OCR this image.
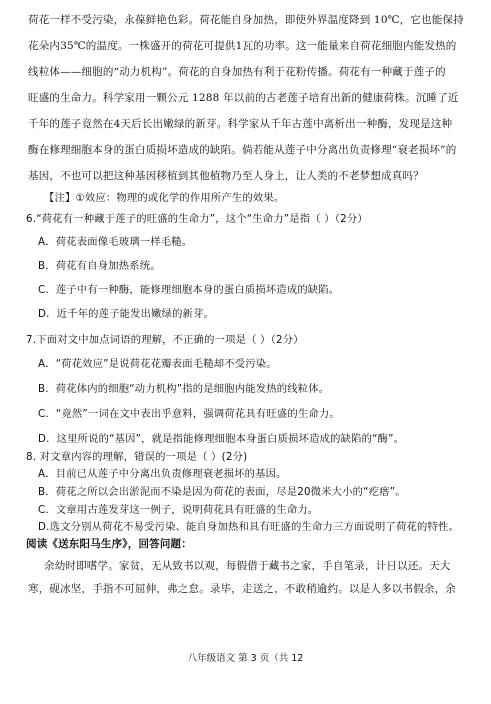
荷花一样不受污染，永葆鲜艳色彩。荷花能自身加热，即使外界温度降到 10℃，它也能保持
花朵内35℃的温度。一株盛开的荷花可提供1瓦的功率。这一能量来自荷花细胞内能发热的
线粒体——细胞的“动力机构”。荷花的自身加热有利于花粉传播。荷花有一种藏于莲子的
旺盛的生命力。科学家用一颗公元 1288 年以前的古老莲子培育出新的健康荷株。沉睡了近
千年的莲子竟然在4天后长出嫩绿的新芽。科学家从千年古莲中离析出一种酶，发现是这种
酶在修理细胞本身的蛋白质损坏造成的缺陷。倘若能从莲子中分离出负责修理“衰老损坏”的
基因，不也可以把这种基因移植到其他植物乃至人身上，让人类的不老梦想成真吗？
【注】①效应：物理的或化学的作用所产生的效果。
6.“荷花有一种藏于莲子的旺盛的生命力”，这个“生命力”是指（ ）（2分）
A．荷花表面像毛玻璃一样毛糙。
B．荷花有自身加热系统。
C．莲子中有一种酶，能修理细胞本身的蛋白质损坏造成的缺陷。
D．近千年的莲子能发出嫩绿的新芽。
7.下面对文中加点词语的理解，不正确的一项是（ ）（2分）
A．“荷花效应”是说荷花花瓣表面毛糙却不受污染。
B．荷花体内的细胞“动力机构”指的是细胞内能发热的线粒体。
C．“竟然”一词在文中表出乎意料，强调荷花具有旺盛的生命力。
D．这里所说的“基因”，就是指能修理细胞本身蛋白质损坏造成的缺陷的“酶”。
8. 对文章内容的理解，错误的一项是（ ）(2分)
A．目前已从莲子中分离出负责修理衰老损坏的基因。
B．荷花之所以会出淤泥而不染是因为荷花的表面，尽是20微米大小的“疙瘩”。
C．文章用古莲发芽这一例子，说明荷花具有旺盛的生命力。
D.选文分别从荷花不易受污染、能自身加热和具有旺盛的生命力三方面说明了荷花的特性。
阅读《送东阳马生序》，回答问题：
余幼时即嗜学。家贫，无从致书以观，每假借于藏书之家，手自笔录，计日以还。天大
寒，砚冰坚，手指不可屈伸，弗之怠。录毕，走送之，不敢稍逾约。以是人多以书假余，余
八年级语文 第 3 页（共 12
